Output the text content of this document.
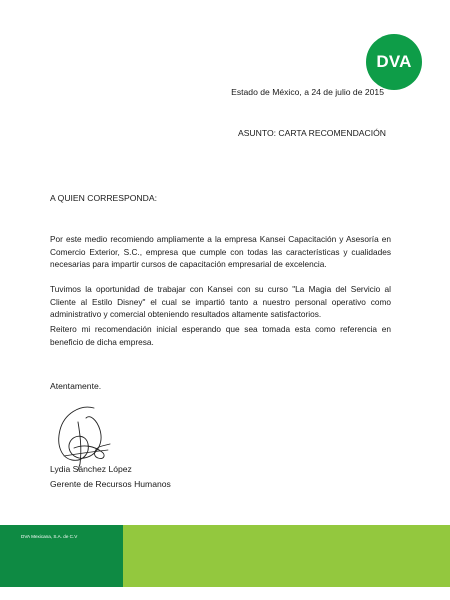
DVA
Estado de México, a 24 de julio de 2015
ASUNTO: CARTA RECOMENDACIÓN
A QUIEN CORRESPONDA:

Por este medio recomiendo ampliamente a la empresa Kansei Capacitación y Asesoría en Comercio Exterior, S.C., empresa que cumple con todas las características y cualidades necesarias para impartir cursos de capacitación empresarial de excelencia.

Tuvimos la oportunidad de trabajar con Kansei con su curso "La Magia del Servicio al Cliente al Estilo Disney" el cual se impartió tanto a nuestro personal operativo como administrativo y comercial obteniendo resultados altamente satisfactorios.

Reitero mi recomendación inicial esperando que sea tomada esta como referencia en beneficio de dicha empresa.

Atentamente.
Lydia Sánchez López
Gerente de Recursos Humanos
DVA Mexicana, S.A. de C.V
